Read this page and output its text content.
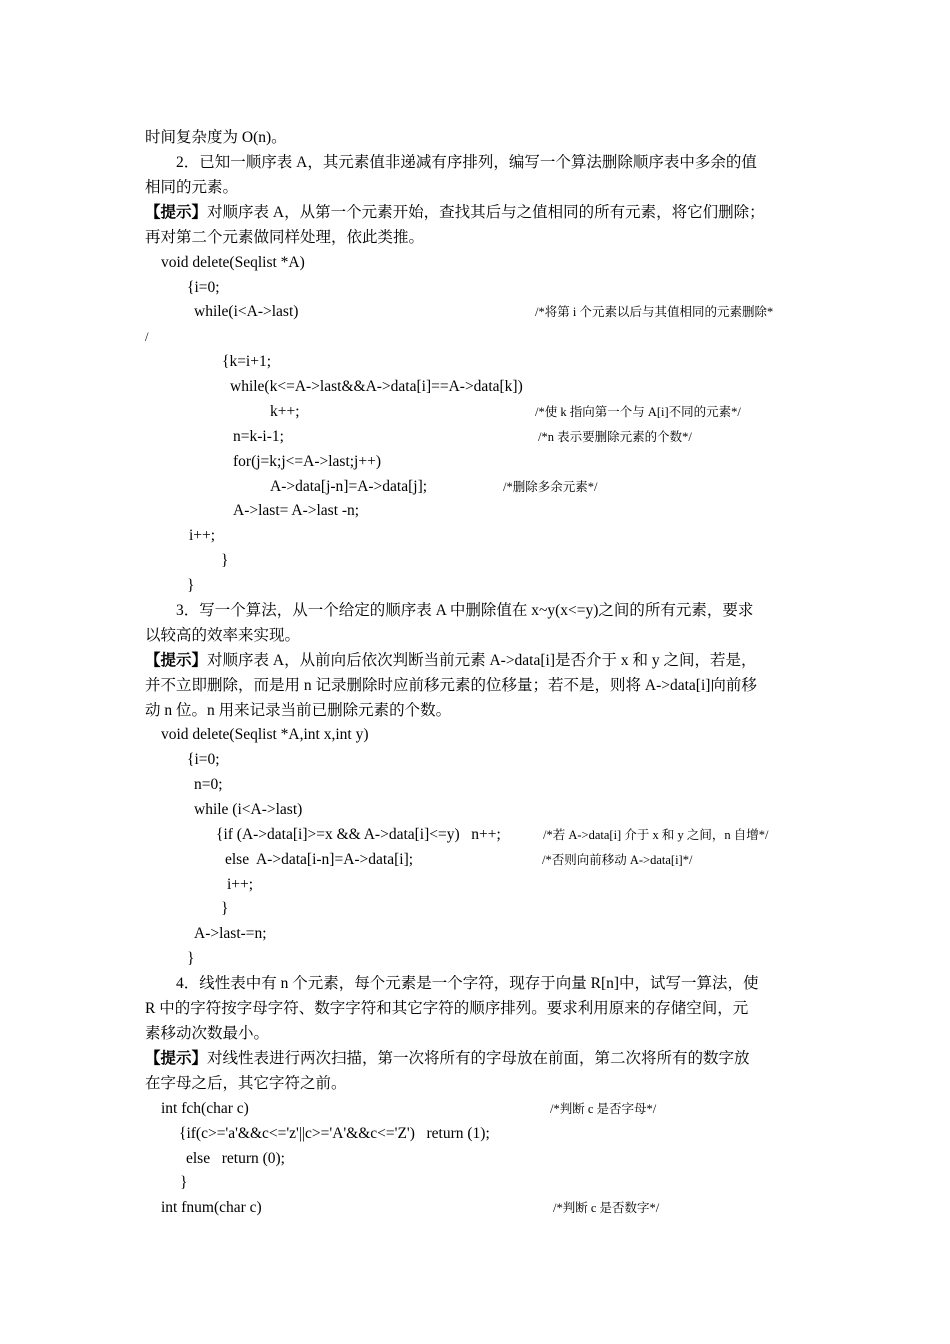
时间复杂度为 O(n)。
2．已知一顺序表 A，其元素值非递减有序排列，编写一个算法删除顺序表中多余的值
相同的元素。
【提示】对顺序表 A，从第一个元素开始，查找其后与之值相同的所有元素，将它们删除；
再对第二个元素做同样处理，依此类推。
void delete(Seqlist *A)
{i=0;
while(i<A->last)	/*将第 i 个元素以后与其值相同的元素删除*
/
{k=i+1;
while(k<=A->last&&A->data[i]==A->data[k])
k++;	/*使 k 指向第一个与 A[i]不同的元素*/
n=k-i-1;	/*n 表示要删除元素的个数*/
for(j=k;j<=A->last;j++)
A->data[j-n]=A->data[j];	/*删除多余元素*/
A->last= A->last -n;
i++;
}
}
3．写一个算法，从一个给定的顺序表 A 中删除值在 x~y(x<=y)之间的所有元素，要求
以较高的效率来实现。
【提示】对顺序表 A，从前向后依次判断当前元素 A->data[i]是否介于 x 和 y 之间，若是，
并不立即删除，而是用 n 记录删除时应前移元素的位移量；若不是，则将 A->data[i]向前移
动 n 位。n 用来记录当前已删除元素的个数。
void delete(Seqlist *A,int x,int y)
{i=0;
n=0;
while (i<A->last)
{if (A->data[i]>=x && A->data[i]<=y)   n++;	/*若 A->data[i] 介于 x 和 y 之间，n 自增*/
else  A->data[i-n]=A->data[i];	/*否则向前移动 A->data[i]*/
i++;
}
A->last-=n;
}
4．线性表中有 n 个元素，每个元素是一个字符，现存于向量 R[n]中，试写一算法，使
R 中的字符按字母字符、数字字符和其它字符的顺序排列。要求利用原来的存储空间，元
素移动次数最小。
【提示】对线性表进行两次扫描，第一次将所有的字母放在前面，第二次将所有的数字放
在字母之后，其它字符之前。
int fch(char c)	/*判断 c 是否字母*/
{if(c>='a'&&c<='z'||c>='A'&&c<='Z')   return (1);
else   return (0);
}
int fnum(char c)	/*判断 c 是否数字*/
